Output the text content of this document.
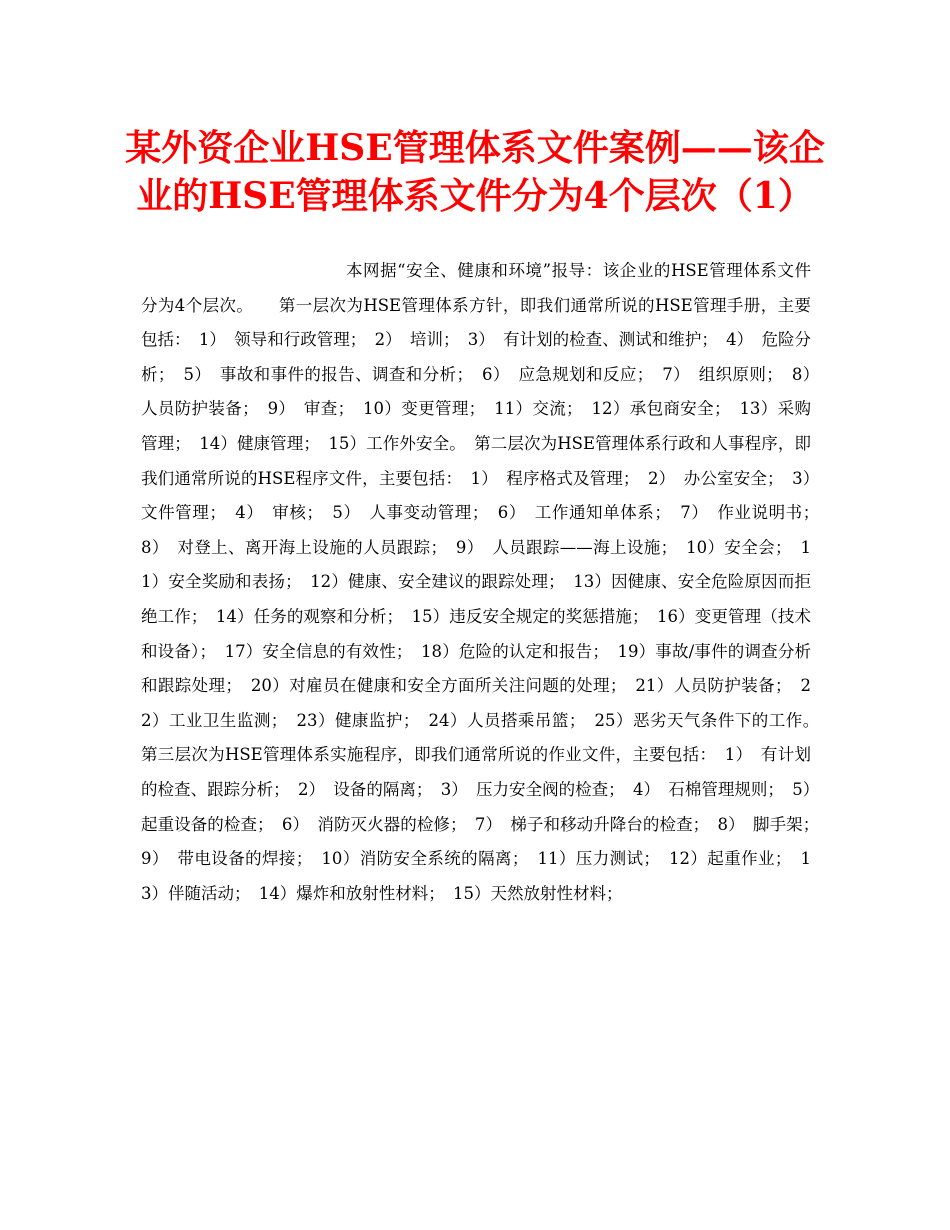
某外资企业HSE管理体系文件案例——该企业的HSE管理体系文件分为4个层次（1）

本网据“安全、健康和环境”报导：该企业的HSE管理体系文件分为4个层次。　　第一层次为HSE管理体系方针，即我们通常所说的HSE管理手册，主要包括：　1）　领导和行政管理；　2）　培训；　3）　有计划的检查、测试和维护；　4）　危险分析；　5）　事故和事件的报告、调查和分析；　6）　应急规划和反应；　7）　组织原则；　8）　人员防护装备；　9）　审查；　10）变更管理；　11）交流；　12）承包商安全；　13）采购管理；　14）健康管理；　15）工作外安全。　第二层次为HSE管理体系行政和人事程序，即我们通常所说的HSE程序文件，主要包括：　1）　程序格式及管理；　2）　办公室安全；　3）　文件管理；　4）　审核；　5）　人事变动管理；　6）　工作通知单体系；　7）　作业说明书；　8）　对登上、离开海上设施的人员跟踪；　9）　人员跟踪——海上设施；　10）安全会；　11）安全奖励和表扬；　12）健康、安全建议的跟踪处理；　13）因健康、安全危险原因而拒绝工作；　14）任务的观察和分析；　15）违反安全规定的奖惩措施；　16）变更管理（技术和设备）；　17）安全信息的有效性；　18）危险的认定和报告；　19）事故/事件的调查分析和跟踪处理；　20）对雇员在健康和安全方面所关注问题的处理；　21）人员防护装备；　22）工业卫生监测；　23）健康监护；　24）人员搭乘吊篮；　25）恶劣天气条件下的工作。　第三层次为HSE管理体系实施程序，即我们通常所说的作业文件，主要包括：　1）　有计划的检查、跟踪分析；　2）　设备的隔离；　3）　压力安全阀的检查；　4）　石棉管理规则；　5）　起重设备的检查；　6）　消防灭火器的检修；　7）　梯子和移动升降台的检查；　8）　脚手架；　9）　带电设备的焊接；　10）消防安全系统的隔离；　11）压力测试；　12）起重作业；　13）伴随活动；　14）爆炸和放射性材料；　15）天然放射性材料；
